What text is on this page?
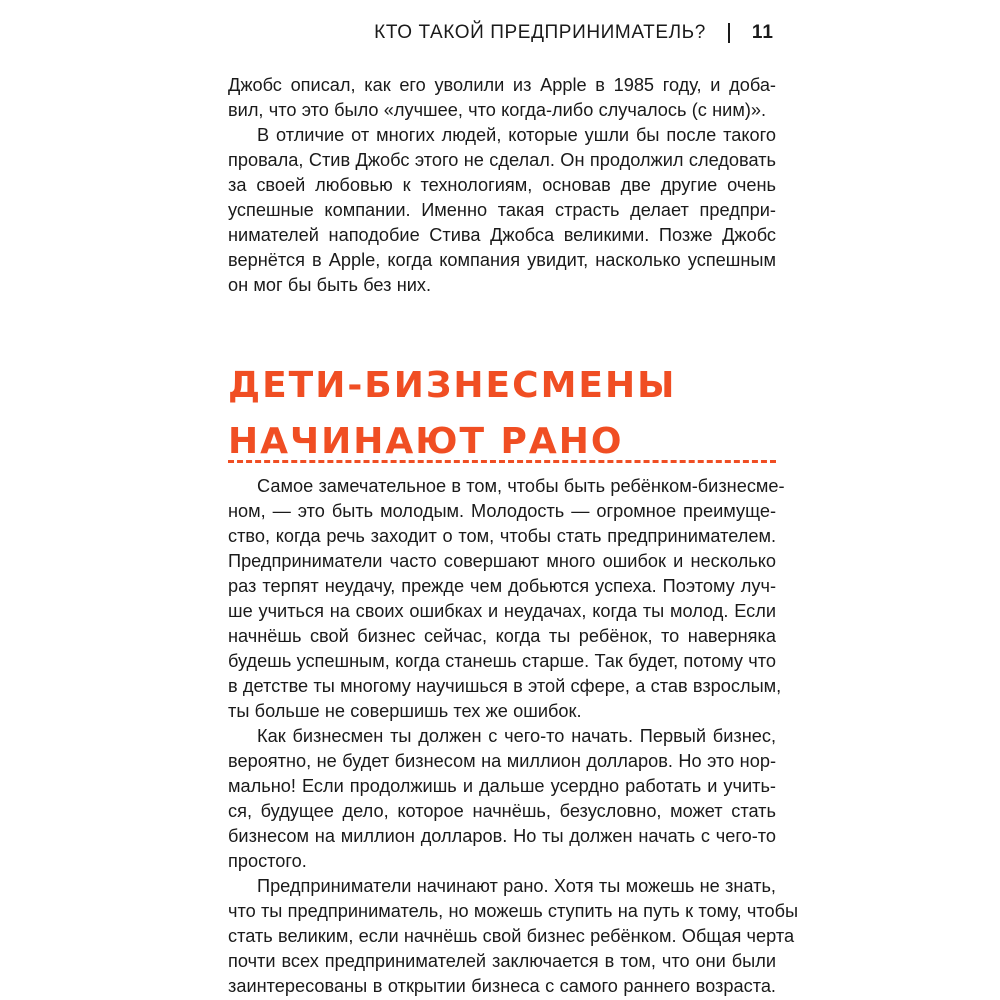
КТО ТАКОЙ ПРЕДПРИНИМАТЕЛЬ? 11
Джобс описал, как его уволили из Apple в 1985 году, и доба-
вил, что это было «лучшее, что когда-либо случалось (с ним)».
В отличие от многих людей, которые ушли бы после такого
провала, Стив Джобс этого не сделал. Он продолжил следовать
за своей любовью к технологиям, основав две другие очень
успешные компании. Именно такая страсть делает предпри-
нимателей наподобие Стива Джобса великими. Позже Джобс
вернётся в Apple, когда компания увидит, насколько успешным
он мог бы быть без них.
ДЕТИ-БИЗНЕСМЕНЫ
НАЧИНАЮТ РАНО
Самое замечательное в том, чтобы быть ребёнком-бизнесме-
ном, — это быть молодым. Молодость — огромное преимуще-
ство, когда речь заходит о том, чтобы стать предпринимателем.
Предприниматели часто совершают много ошибок и несколько
раз терпят неудачу, прежде чем добьются успеха. Поэтому луч-
ше учиться на своих ошибках и неудачах, когда ты молод. Если
начнёшь свой бизнес сейчас, когда ты ребёнок, то наверняка
будешь успешным, когда станешь старше. Так будет, потому что
в детстве ты многому научишься в этой сфере, а став взрослым,
ты больше не совершишь тех же ошибок.
Как бизнесмен ты должен с чего-то начать. Первый бизнес,
вероятно, не будет бизнесом на миллион долларов. Но это нор-
мально! Если продолжишь и дальше усердно работать и учить-
ся, будущее дело, которое начнёшь, безусловно, может стать
бизнесом на миллион долларов. Но ты должен начать с чего-то
простого.
Предприниматели начинают рано. Хотя ты можешь не знать,
что ты предприниматель, но можешь ступить на путь к тому, чтобы
стать великим, если начнёшь свой бизнес ребёнком. Общая черта
почти всех предпринимателей заключается в том, что они были
заинтересованы в открытии бизнеса с самого раннего возраста.
